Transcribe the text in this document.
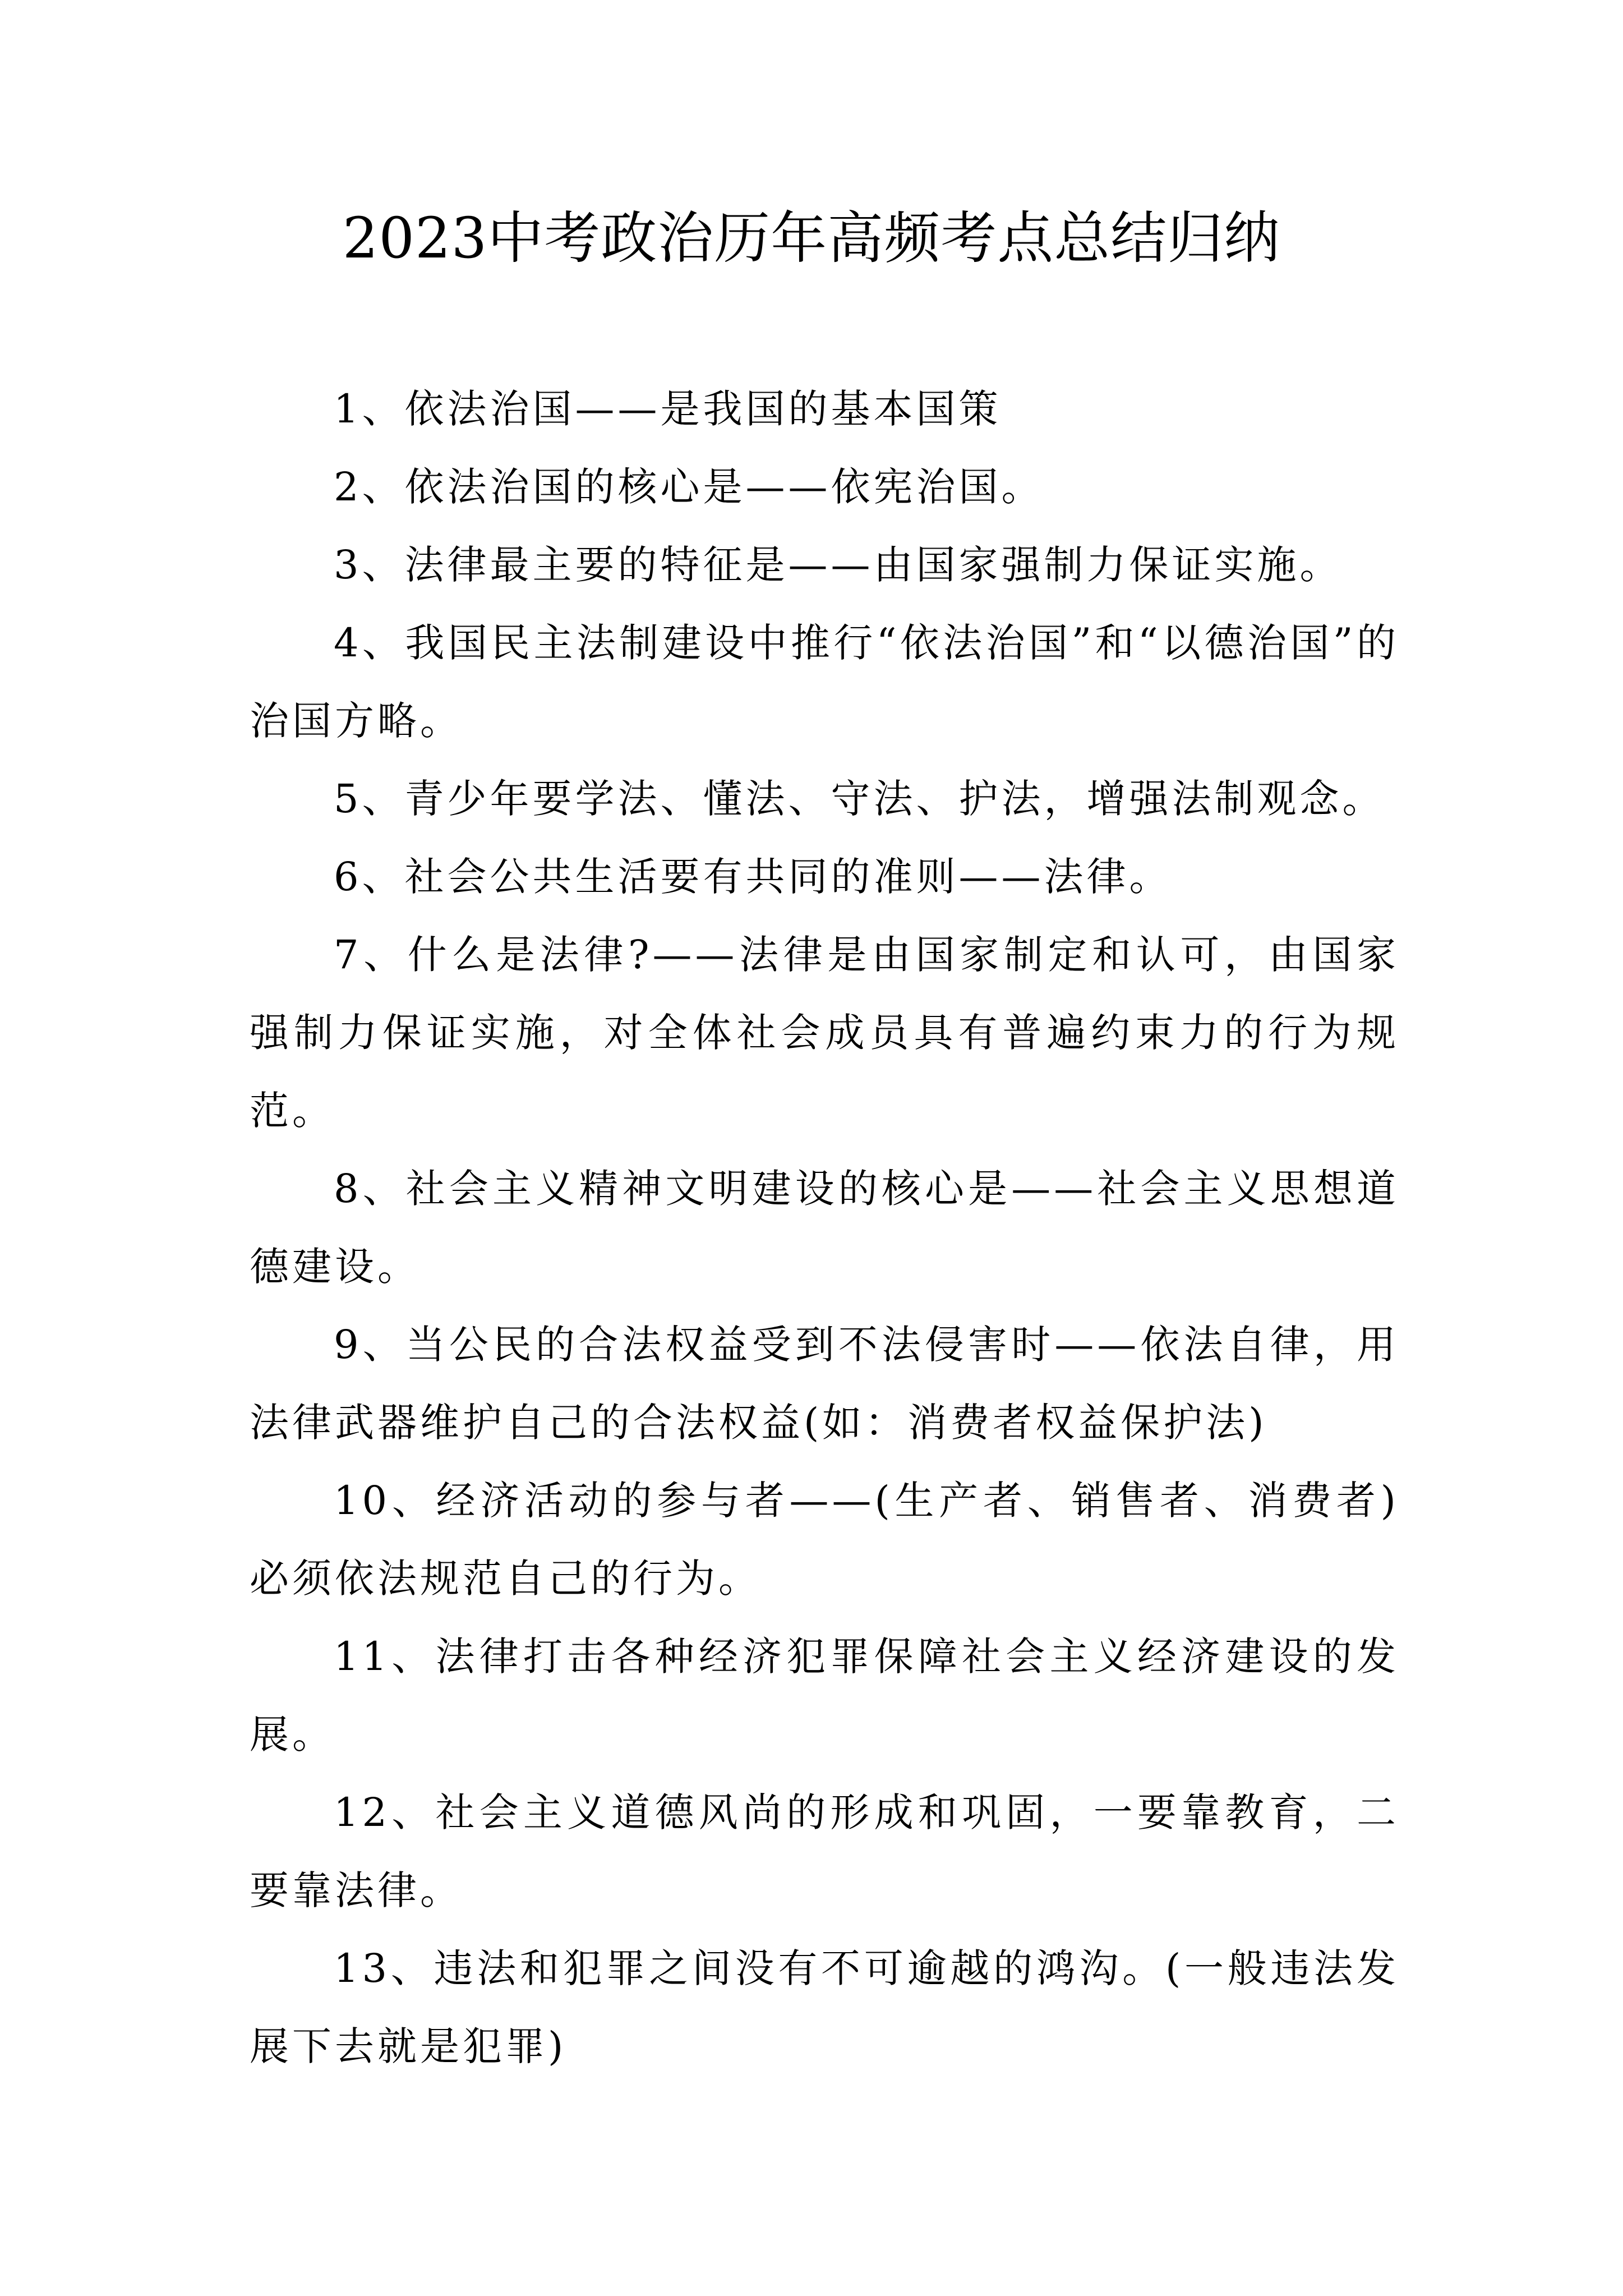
2023中考政治历年高频考点总结归纳

1、依法治国——是我国的基本国策

2、依法治国的核心是——依宪治国。

3、法律最主要的特征是——由国家强制力保证实施。

4、我国民主法制建设中推行“依法治国”和“以德治国”的治国方略。

5、青少年要学法、懂法、守法、护法，增强法制观念。

6、社会公共生活要有共同的准则——法律。

7、什么是法律?——法律是由国家制定和认可，由国家强制力保证实施，对全体社会成员具有普遍约束力的行为规范。

8、社会主义精神文明建设的核心是——社会主义思想道德建设。

9、当公民的合法权益受到不法侵害时——依法自律，用法律武器维护自己的合法权益(如：消费者权益保护法)

10、经济活动的参与者——(生产者、销售者、消费者)必须依法规范自己的行为。

11、法律打击各种经济犯罪保障社会主义经济建设的发展。

12、社会主义道德风尚的形成和巩固，一要靠教育，二要靠法律。

13、违法和犯罪之间没有不可逾越的鸿沟。(一般违法发展下去就是犯罪)
